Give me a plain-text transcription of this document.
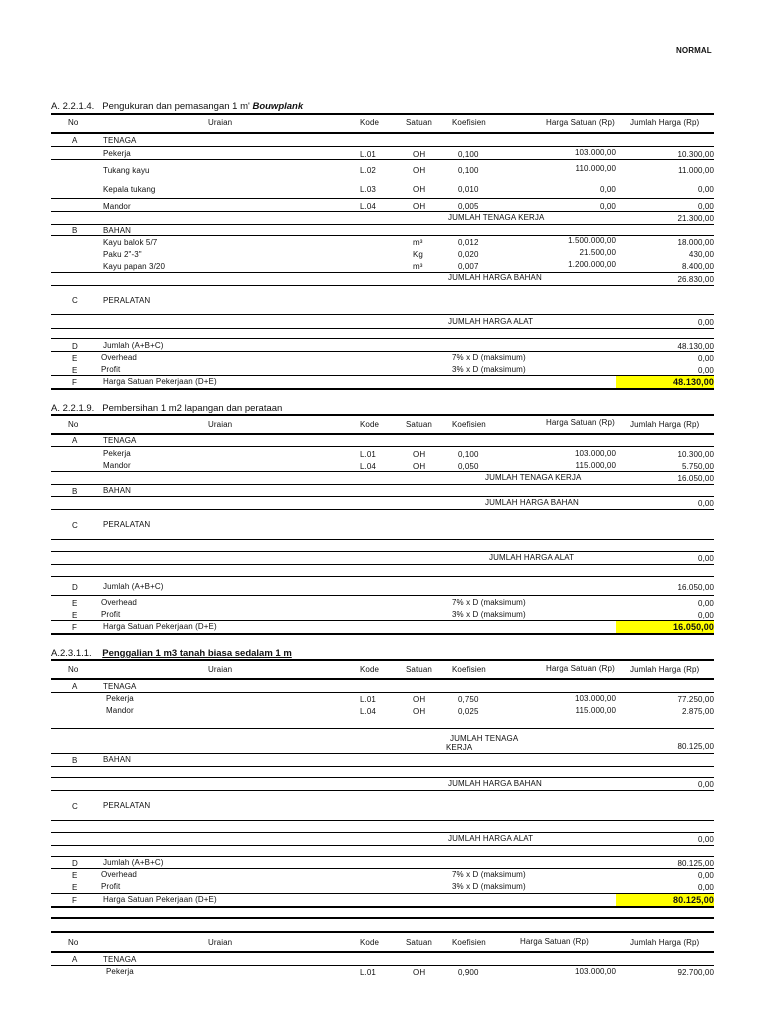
NORMAL
A. 2.2.1.4. Pengukuran dan pemasangan 1 m' Bouwplank
No	Uraian	Kode	Satuan	Koefisien	Harga Satuan (Rp) Jumlah Harga (Rp)
A	TENAGA
Pekerja	L.01	OH	0,100	103.000,00	10.300,00
Tukang kayu	L.02	OH	0,100	110.000,00	11.000,00
Kepala tukang	L.03	OH	0,010	0,00	0,00
Mandor	L.04	OH	0,005	0,00	0,00
JUMLAH TENAGA KERJA	21.300,00
B	BAHAN
Kayu balok 5/7	m³	0,012	1.500.000,00	18.000,00
Paku 2"-3"	Kg	0,020	21.500,00	430,00
Kayu papan 3/20	m³	0,007	1.200.000,00	8.400,00
JUMLAH HARGA BAHAN	26.830,00
C	PERALATAN
JUMLAH HARGA ALAT	0,00
D	Jumlah (A+B+C)	48.130,00
E	Overhead	7% x D (maksimum)	0,00
E	Profit	3% x D (maksimum)	0,00
F	Harga Satuan Pekerjaan (D+E)	48.130,00
A. 2.2.1.9. Pembersihan 1 m2 lapangan dan perataan
No	Uraian	Kode	Satuan	Koefisien	Harga Satuan (Rp) Jumlah Harga (Rp)
A	TENAGA
Pekerja	L.01	OH	0,100	103.000,00	10.300,00
Mandor	L.04	OH	0,050	115.000,00	5.750,00
JUMLAH TENAGA KERJA	16.050,00
B	BAHAN
JUMLAH HARGA BAHAN	0,00
C	PERALATAN
JUMLAH HARGA ALAT	0,00
D	Jumlah (A+B+C)	16.050,00
E	Overhead	7% x D (maksimum)	0,00
E	Profit	3% x D (maksimum)	0,00
F	Harga Satuan Pekerjaan (D+E)	16.050,00
A.2.3.1.1. Penggalian 1 m3 tanah biasa sedalam 1 m
No	Uraian	Kode	Satuan	Koefisien	Harga Satuan (Rp) Jumlah Harga (Rp)
A	TENAGA
Pekerja	L.01	OH	0,750	103.000,00	77.250,00
Mandor	L.04	OH	0,025	115.000,00	2.875,00
JUMLAH TENAGA
KERJA	80.125,00
B	BAHAN
JUMLAH HARGA BAHAN	0,00
C	PERALATAN
JUMLAH HARGA ALAT	0,00
D	Jumlah (A+B+C)	80.125,00
E	Overhead	7% x D (maksimum)	0,00
E	Profit	3% x D (maksimum)	0,00
F	Harga Satuan Pekerjaan (D+E)	80.125,00
No	Uraian	Kode	Satuan	Koefisien	Harga Satuan (Rp)	Jumlah Harga (Rp)
A	TENAGA
Pekerja	L.01	OH	0,900	103.000,00	92.700,00
